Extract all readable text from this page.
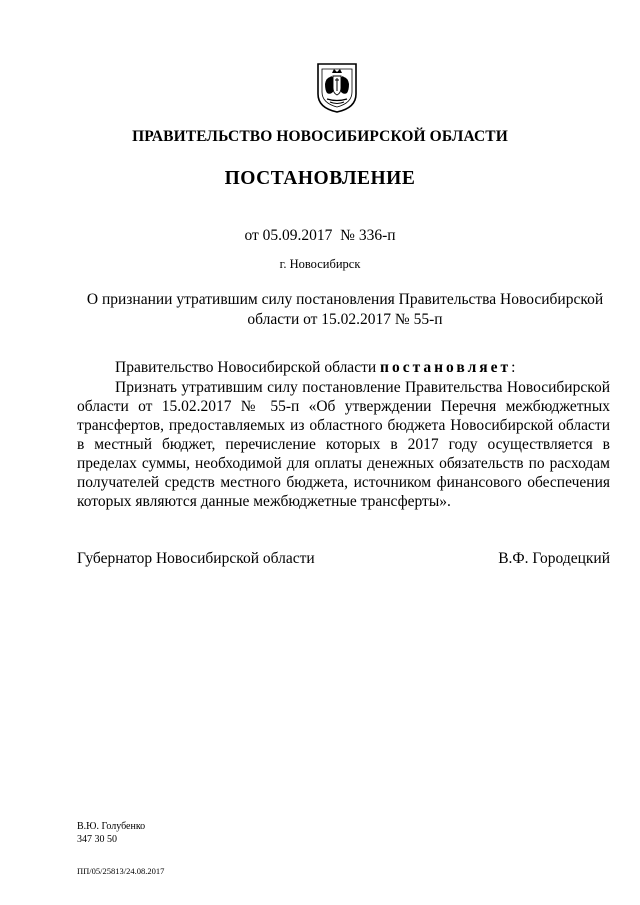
ПРАВИТЕЛЬСТВО НОВОСИБИРСКОЙ ОБЛАСТИ
ПОСТАНОВЛЕНИЕ
от 05.09.2017 № 336-п
г. Новосибирск
О признании утратившим силу постановления Правительства Новосибирской
области от 15.02.2017 № 55-п
Правительство Новосибирской области постановляет:
Признать утратившим силу постановление Правительства Новосибирской области от 15.02.2017 № 55-п «Об утверждении Перечня межбюджетных трансфертов, предоставляемых из областного бюджета Новосибирской области в местный бюджет, перечисление которых в 2017 году осуществляется в пределах суммы, необходимой для оплаты денежных обязательств по расходам получателей средств местного бюджета, источником финансового обеспечения которых являются данные межбюджетные трансферты».
Губернатор Новосибирской области	В.Ф. Городецкий
В.Ю. Голубенко
347 30 50
ПП/05/25813/24.08.2017
